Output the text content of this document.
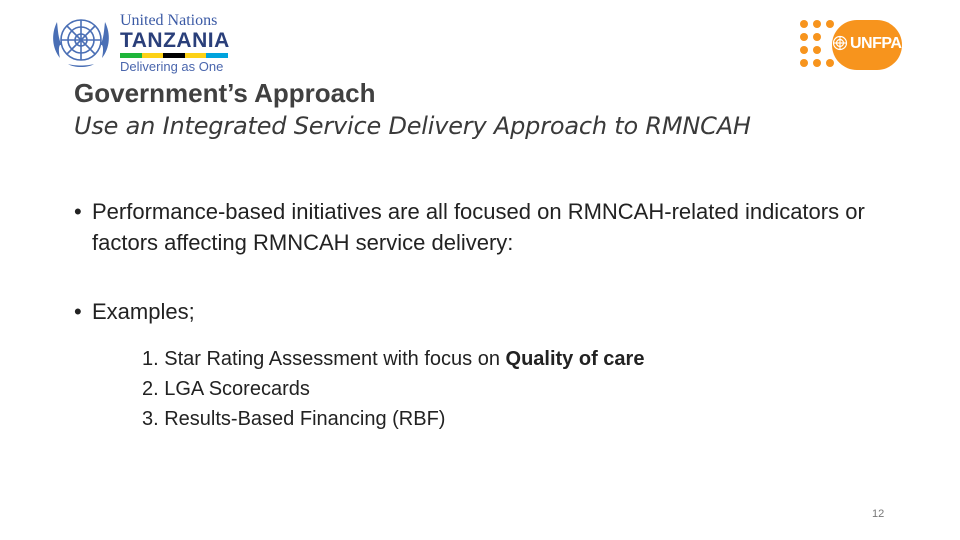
United Nations
TANZANIA
Delivering as One
UNFPA
Government’s Approach
Use an Integrated Service Delivery Approach to RMNCAH
• Performance-based initiatives are all focused on RMNCAH-related indicators or factors affecting RMNCAH service delivery:
• Examples;
1. Star Rating Assessment with focus on Quality of care
2. LGA Scorecards
3. Results-Based Financing (RBF)
12
